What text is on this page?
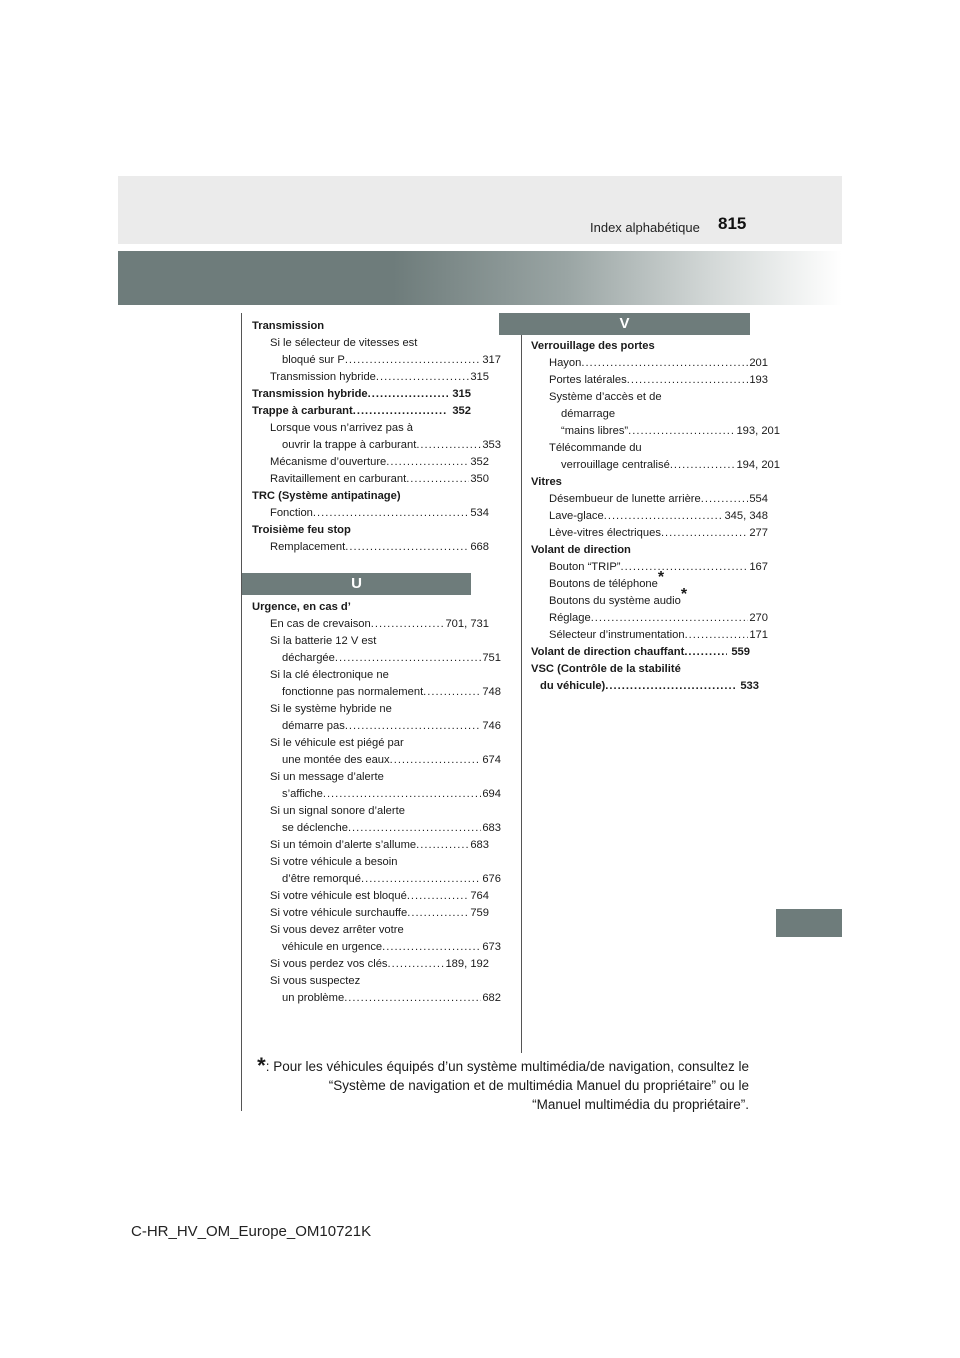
Index alphabétique 815
Transmission
Si le sélecteur de vitesses est
bloqué sur P .....	317
Transmission hybride .....	315
Transmission hybride .....	315
Trappe à carburant .....	352
Lorsque vous n’arrivez pas à
ouvrir la trappe à carburant .....	353
Mécanisme d’ouverture .....	352
Ravitaillement en carburant .....	350
TRC (Système antipatinage)
Fonction .....	534
Troisième feu stop
Remplacement .....	668
U
Urgence, en cas d’
En cas de crevaison .....	701, 731
Si la batterie 12 V est
déchargée .....	751
Si la clé électronique ne
fonctionne pas normalement .....	748
Si le système hybride ne
démarre pas .....	746
Si le véhicule est piégé par
une montée des eaux .....	674
Si un message d’alerte
s’affiche .....	694
Si un signal sonore d’alerte
se déclenche .....	683
Si un témoin d’alerte s’allume .....	683
Si votre véhicule a besoin
d’être remorqué .....	676
Si votre véhicule est bloqué .....	764
Si votre véhicule surchauffe .....	759
Si vous devez arrêter votre
véhicule en urgence .....	673
Si vous perdez vos clés .....	189, 192
Si vous suspectez
un problème .....	682
V
Verrouillage des portes
Hayon .....	201
Portes latérales .....	193
Système d’accès et de
démarrage
“mains libres” .....	193, 201
Télécommande du
verrouillage centralisé .....	194, 201
Vitres
Désembueur de lunette arrière .....	554
Lave-glace .....	345, 348
Lève-vitres électriques .....	277
Volant de direction
Bouton “TRIP” .....	167
Boutons de téléphone*
Boutons du système audio*
Réglage .....	270
Sélecteur d’instrumentation .....	171
Volant de direction chauffant .....	559
VSC (Contrôle de la stabilité
du véhicule) .....	533
*: Pour les véhicules équipés d’un système multimédia/de navigation, consultez le
“Système de navigation et de multimédia Manuel du propriétaire” ou le
“Manuel multimédia du propriétaire”.
C-HR_HV_OM_Europe_OM10721K
